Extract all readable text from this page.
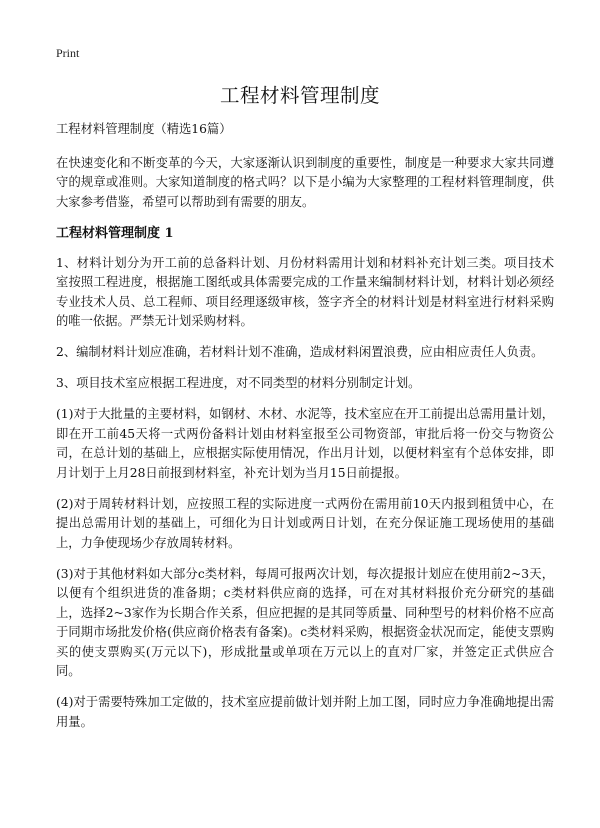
Print
工程材料管理制度

工程材料管理制度（精选16篇）

在快速变化和不断变革的今天，大家逐渐认识到制度的重要性，制度是一种要求大家共同遵守的规章或准则。大家知道制度的格式吗？以下是小编为大家整理的工程材料管理制度，供大家参考借鉴，希望可以帮助到有需要的朋友。

工程材料管理制度 1

1、材料计划分为开工前的总备料计划、月份材料需用计划和材料补充计划三类。项目技术室按照工程进度，根据施工图纸或具体需要完成的工作量来编制材料计划，材料计划必须经专业技术人员、总工程师、项目经理逐级审核，签字齐全的材料计划是材料室进行材料采购的唯一依据。严禁无计划采购材料。

2、编制材料计划应准确，若材料计划不准确，造成材料闲置浪费，应由相应责任人负责。

3、项目技术室应根据工程进度，对不同类型的材料分别制定计划。

(1)对于大批量的主要材料，如钢材、木材、水泥等，技术室应在开工前提出总需用量计划，即在开工前45天将一式两份备料计划由材料室报至公司物资部，审批后将一份交与物资公司，在总计划的基础上，应根据实际使用情况，作出月计划，以便材料室有个总体安排，即月计划于上月28日前报到材料室，补充计划为当月15日前提报。

(2)对于周转材料计划，应按照工程的实际进度一式两份在需用前10天内报到租赁中心，在提出总需用计划的基础上，可细化为日计划或两日计划，在充分保证施工现场使用的基础上，力争使现场少存放周转材料。

(3)对于其他材料如大部分c类材料，每周可报两次计划，每次提报计划应在使用前2~3天，以便有个组织进货的准备期；c类材料供应商的选择，可在对其材料报价充分研究的基础上，选择2~3家作为长期合作关系，但应把握的是其同等质量、同种型号的材料价格不应高于同期市场批发价格(供应商价格表有备案)。c类材料采购，根据资金状况而定，能使支票购买的使支票购买(万元以下)，形成批量或单项在万元以上的直对厂家，并签定正式供应合同。

(4)对于需要特殊加工定做的，技术室应提前做计划并附上加工图，同时应力争准确地提出需用量。
